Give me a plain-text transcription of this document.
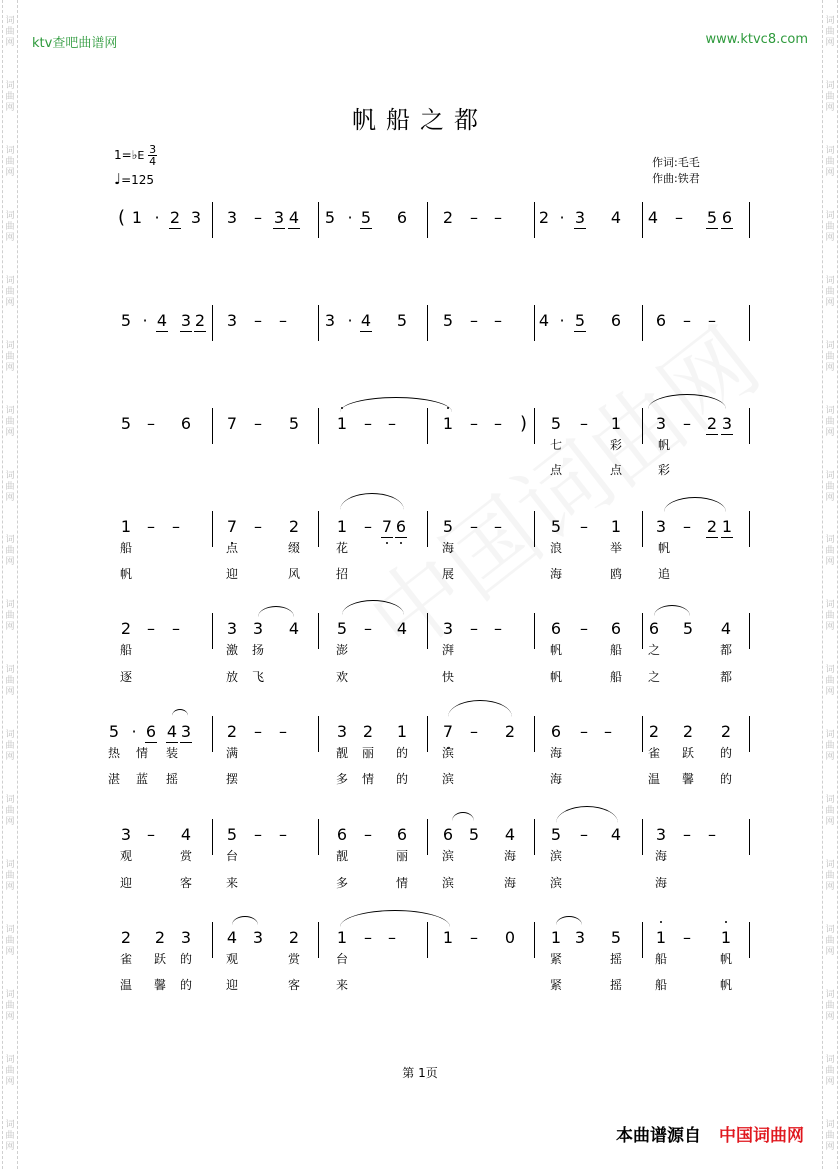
词
曲
网
词
曲
网
词
曲
网
词
曲
网
词
曲
网
词
曲
网
词
曲
网
词
曲
网
词
曲
网
词
曲
网
词
曲
网
词
曲
网
词
曲
网
词
曲
网
词
曲
网
词
曲
网
词
曲
网
词
曲
网
词
曲
网
词
曲
网
词
曲
网
词
曲
网
词
曲
网
词
曲
网
词
曲
网
词
曲
网
词
曲
网
词
曲
网
词
曲
网
词
曲
网
词
曲
网
词
曲
网
词
曲
网
词
曲
网
词
曲
网
词
曲
网
ktv查吧曲谱网	www.ktvc8.com
帆船之都
1=♭E $\frac{3}{4}$
♩=125
作词:毛毛
作曲:铁君
(	·
1 2 3 3 – 3 4	·
5 5 6 2 – –	·
2 3 4 4 – 5 6
·
5 4 3 2 3 – –	·
3 4 5 5 – –	·
4 5 6 6 – –
)
5 – 6 7 – 5 1 – –	1 – –	5 – 1 3 – 2 3
七	彩	帆
点	点	彩
1 – –	7 – 2 1 – 7 6 5 – –	5 – 1 3 – 2 1
船	点	缀	花	海	浪	举	帆
帆	迎	风	招	展	海	鸥	追
2 – –	3 3 4 5 – 4 3 – –	6 – 6 6 5 4
船	激 扬	澎	湃	帆	船 之	都
逐	放 飞	欢	快	帆	船 之	都
·
5 6 4 3 2 – –	3 2 1 7 – 2 6 – – 2 2 2
热 情 装	满	靓 丽 的	滨	海	雀 跃 的
湛 蓝 摇	摆	多 情 的	滨	海	温 馨 的
3 – 4 5 – –	6 – 6 6 5 4 5 – 4 3 – –
观	赏	台	靓	丽	滨	海	滨	海
迎	客	来	多	情	滨	海	滨	海
2 2 3 4 3 2 1 – –	1 – 0 1 3 5 1 – 1
雀 跃 的	观	赏	台	紧	摇	船	帆
温 馨 的	迎	客	来	紧	摇	船	帆
第 1页
本曲谱源自 中国词曲网
